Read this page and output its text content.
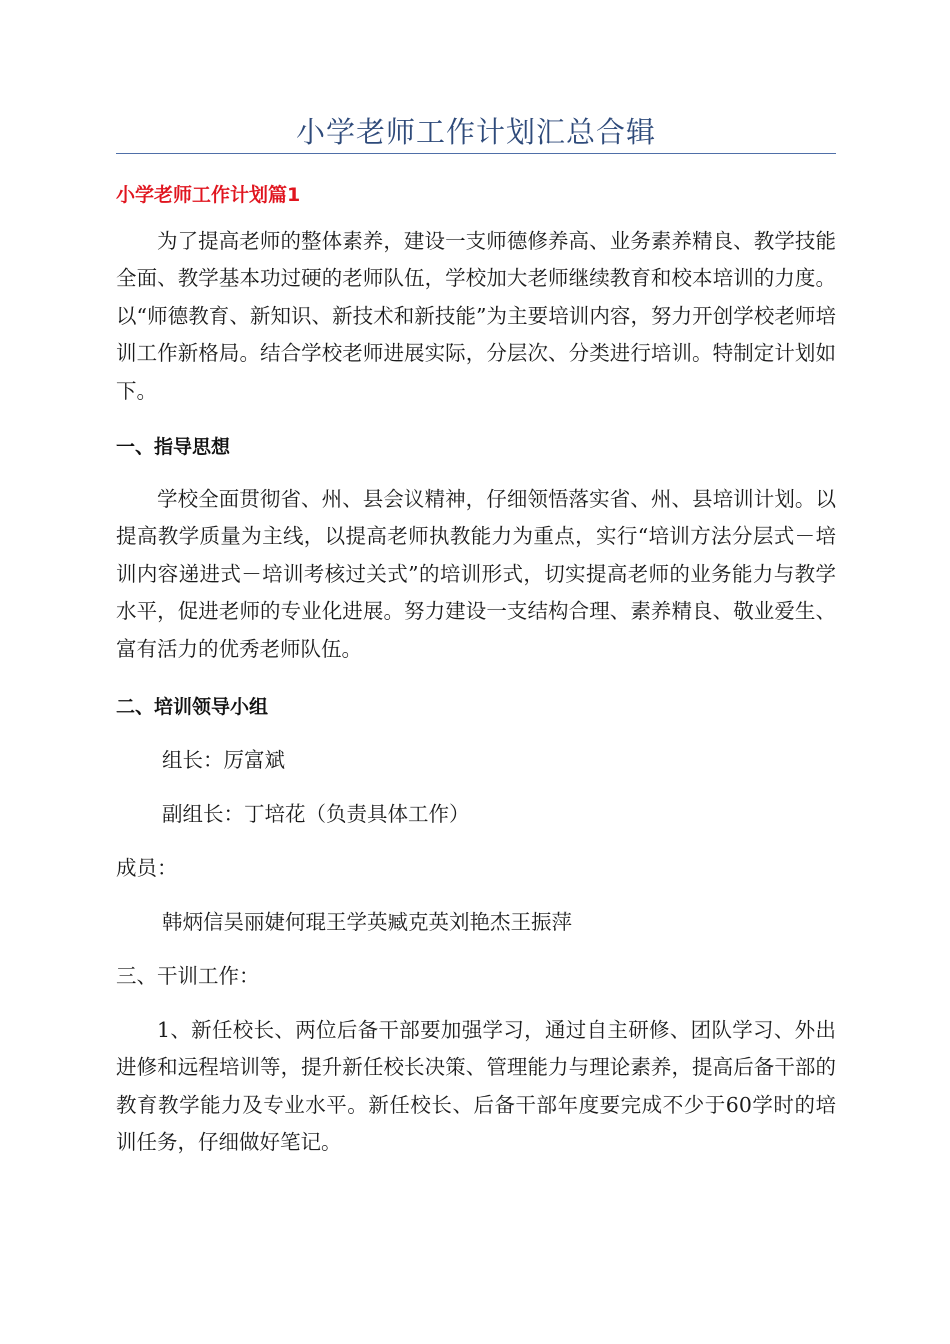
小学老师工作计划汇总合辑
小学老师工作计划篇1

为了提高老师的整体素养，建设一支师德修养高、业务素养精良、教学技能全面、教学基本功过硬的老师队伍，学校加大老师继续教育和校本培训的力度。以“师德教育、新知识、新技术和新技能”为主要培训内容，努力开创学校老师培训工作新格局。结合学校老师进展实际，分层次、分类进行培训。特制定计划如下。

一、指导思想

学校全面贯彻省、州、县会议精神，仔细领悟落实省、州、县培训计划。以提高教学质量为主线，以提高老师执教能力为重点，实行“培训方法分层式－培训内容递进式－培训考核过关式”的培训形式，切实提高老师的业务能力与教学水平，促进老师的专业化进展。努力建设一支结构合理、素养精良、敬业爱生、富有活力的优秀老师队伍。

二、培训领导小组
组长：厉富斌
副组长：丁培花（负责具体工作）
成员：
韩炳信吴丽婕何琨王学英臧克英刘艳杰王振萍
三、干训工作：

1、新任校长、两位后备干部要加强学习，通过自主研修、团队学习、外出进修和远程培训等，提升新任校长决策、管理能力与理论素养，提高后备干部的教育教学能力及专业水平。新任校长、后备干部年度要完成不少于60学时的培训任务，仔细做好笔记。
